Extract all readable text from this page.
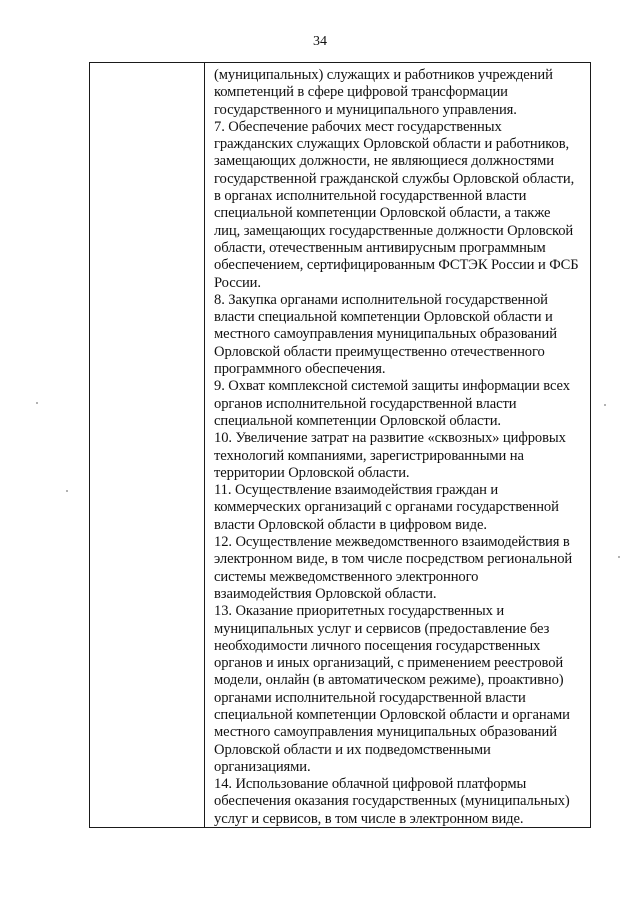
34
(муниципальных) служащих и работников учреждений
компетенций в сфере цифровой трансформации
государственного и муниципального управления.
7. Обеспечение рабочих мест государственных
гражданских служащих Орловской области и работников,
замещающих должности, не являющиеся должностями
государственной гражданской службы Орловской области,
в органах исполнительной государственной власти
специальной компетенции Орловской области, а также
лиц, замещающих государственные должности Орловской
области, отечественным антивирусным программным
обеспечением, сертифицированным ФСТЭК России и ФСБ
России.
8. Закупка органами исполнительной государственной
власти специальной компетенции Орловской области и
местного самоуправления муниципальных образований
Орловской области преимущественно отечественного
программного обеспечения.
9. Охват комплексной системой защиты информации всех
органов исполнительной государственной власти
специальной компетенции Орловской области.
10. Увеличение затрат на развитие «сквозных» цифровых
технологий компаниями, зарегистрированными на
территории Орловской области.
11. Осуществление взаимодействия граждан и
коммерческих организаций с органами государственной
власти Орловской области в цифровом виде.
12. Осуществление межведомственного взаимодействия в
электронном виде, в том числе посредством региональной
системы межведомственного электронного
взаимодействия Орловской области.
13. Оказание приоритетных государственных и
муниципальных услуг и сервисов (предоставление без
необходимости личного посещения государственных
органов и иных организаций, с применением реестровой
модели, онлайн (в автоматическом режиме), проактивно)
органами исполнительной государственной власти
специальной компетенции Орловской области и органами
местного самоуправления муниципальных образований
Орловской области и их подведомственными
организациями.
14. Использование облачной цифровой платформы
обеспечения оказания государственных (муниципальных)
услуг и сервисов, в том числе в электронном виде.
